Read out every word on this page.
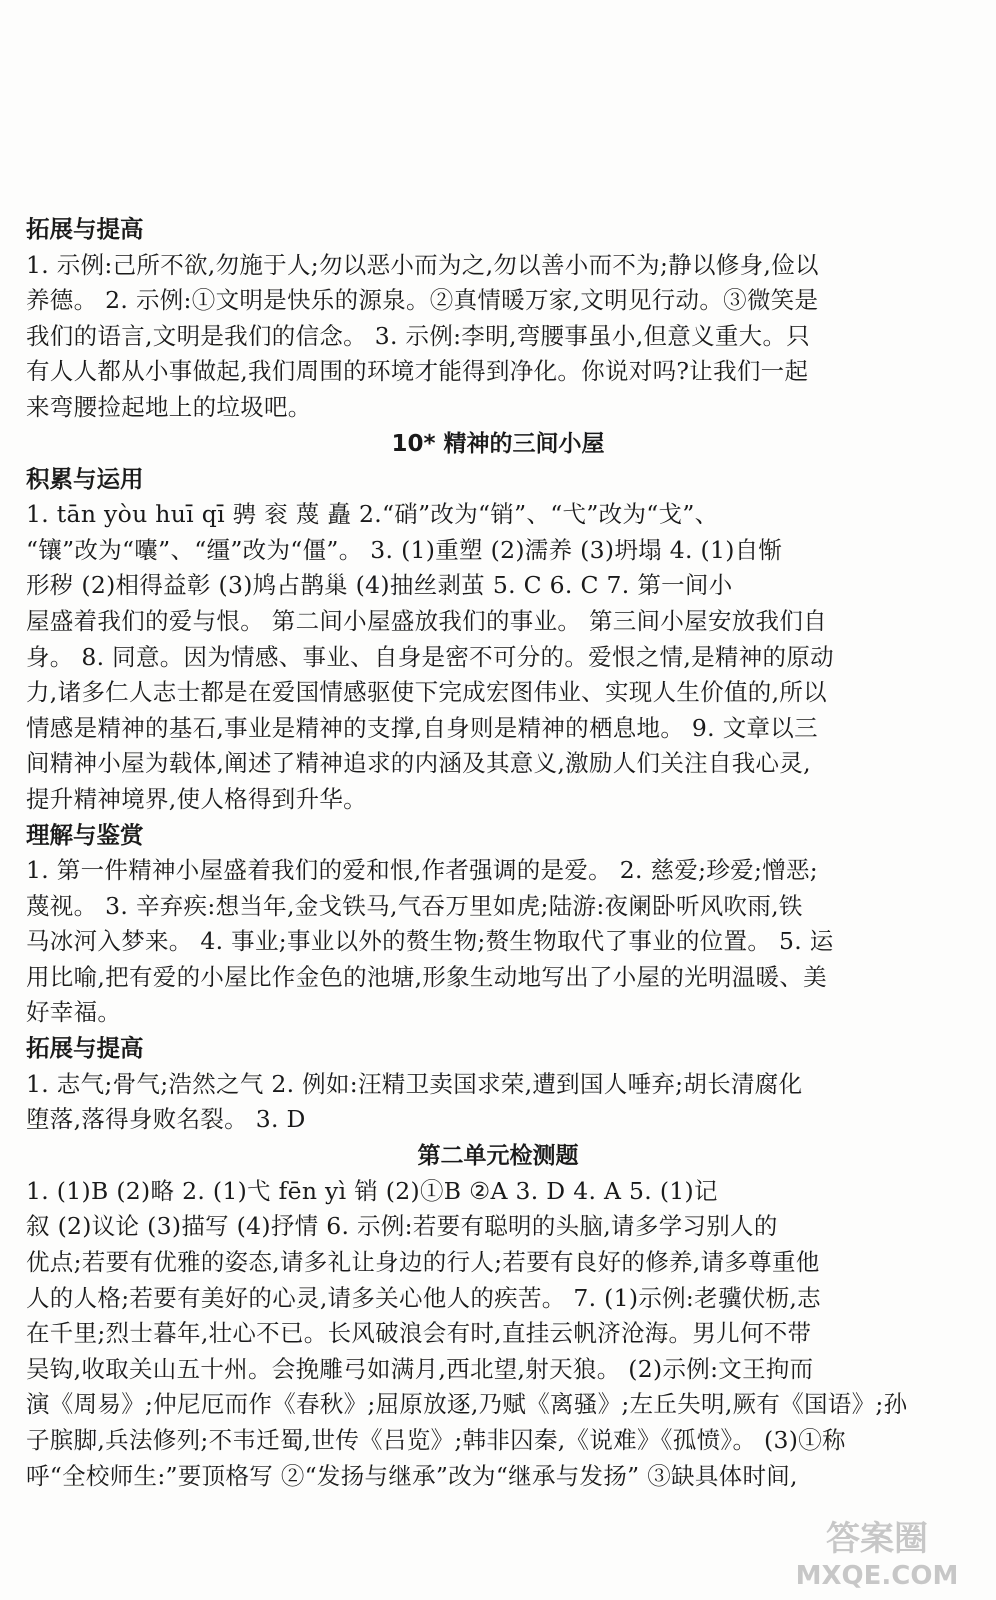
拓展与提高
1. 示例:己所不欲,勿施于人;勿以恶小而为之,勿以善小而不为;静以修身,俭以
养德。 2. 示例:①文明是快乐的源泉。②真情暖万家,文明见行动。③微笑是
我们的语言,文明是我们的信念。 3. 示例:李明,弯腰事虽小,但意义重大。只
有人人都从小事做起,我们周围的环境才能得到净化。你说对吗?让我们一起
来弯腰捡起地上的垃圾吧。
10* 精神的三间小屋
积累与运用
1. tān yòu huī qī 骋 衮 蔑 矗 2.“硝”改为“销”、“弋”改为“戈”、
“镶”改为“囔”、“缰”改为“僵”。 3. (1)重塑 (2)濡养 (3)坍塌 4. (1)自惭
形秽 (2)相得益彰 (3)鸠占鹊巢 (4)抽丝剥茧 5. C 6. C 7. 第一间小
屋盛着我们的爱与恨。 第二间小屋盛放我们的事业。 第三间小屋安放我们自
身。 8. 同意。因为情感、事业、自身是密不可分的。爱恨之情,是精神的原动
力,诸多仁人志士都是在爱国情感驱使下完成宏图伟业、实现人生价值的,所以
情感是精神的基石,事业是精神的支撑,自身则是精神的栖息地。 9. 文章以三
间精神小屋为载体,阐述了精神追求的内涵及其意义,激励人们关注自我心灵,
提升精神境界,使人格得到升华。
理解与鉴赏
1. 第一件精神小屋盛着我们的爱和恨,作者强调的是爱。 2. 慈爱;珍爱;憎恶;
蔑视。 3. 辛弃疾:想当年,金戈铁马,气吞万里如虎;陆游:夜阑卧听风吹雨,铁
马冰河入梦来。 4. 事业;事业以外的赘生物;赘生物取代了事业的位置。 5. 运
用比喻,把有爱的小屋比作金色的池塘,形象生动地写出了小屋的光明温暖、美
好幸福。
拓展与提高
1. 志气;骨气;浩然之气 2. 例如:汪精卫卖国求荣,遭到国人唾弃;胡长清腐化
堕落,落得身败名裂。 3. D
第二单元检测题
1. (1)B (2)略 2. (1)弋 fēn yì 销 (2)①B ②A 3. D 4. A 5. (1)记
叙 (2)议论 (3)描写 (4)抒情 6. 示例:若要有聪明的头脑,请多学习别人的
优点;若要有优雅的姿态,请多礼让身边的行人;若要有良好的修养,请多尊重他
人的人格;若要有美好的心灵,请多关心他人的疾苦。 7. (1)示例:老骥伏枥,志
在千里;烈士暮年,壮心不已。长风破浪会有时,直挂云帆济沧海。男儿何不带
吴钩,收取关山五十州。会挽雕弓如满月,西北望,射天狼。 (2)示例:文王拘而
演《周易》;仲尼厄而作《春秋》;屈原放逐,乃赋《离骚》;左丘失明,厥有《国语》;孙
子膑脚,兵法修列;不韦迁蜀,世传《吕览》;韩非囚秦,《说难》《孤愤》。 (3)①称
呼“全校师生:”要顶格写 ②“发扬与继承”改为“继承与发扬” ③缺具体时间,
答案圈
MXQE.COM
